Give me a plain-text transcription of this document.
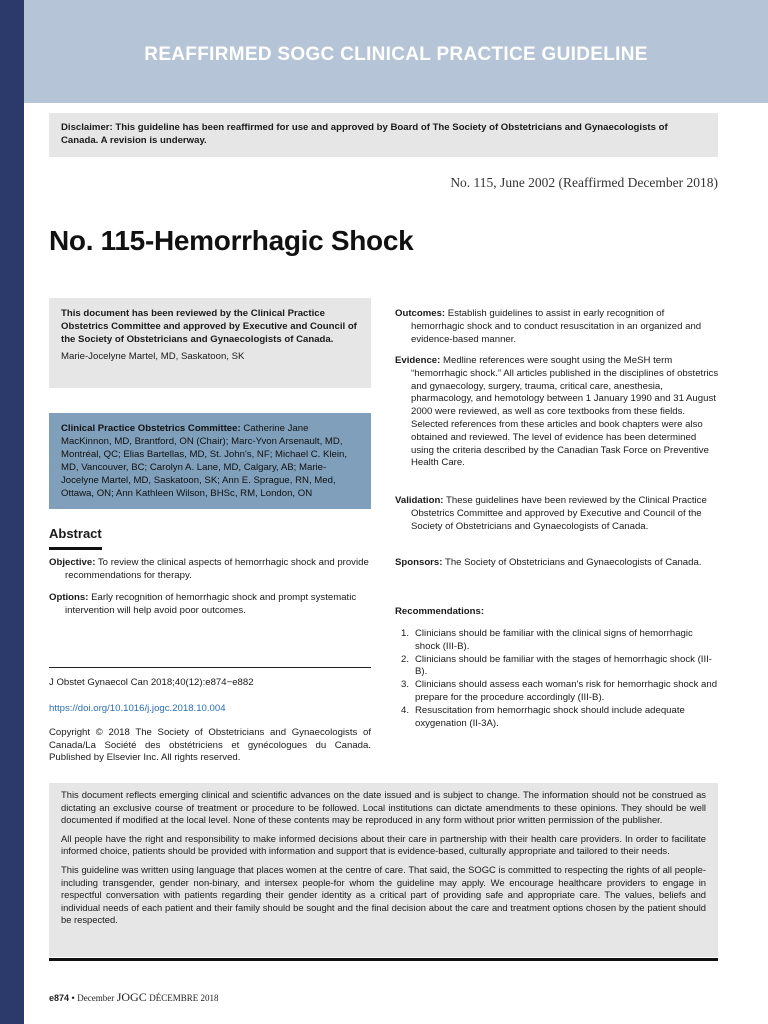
REAFFIRMED SOGC CLINICAL PRACTICE GUIDELINE
Disclaimer: This guideline has been reaffirmed for use and approved by Board of The Society of Obstetricians and Gynaecologists of Canada. A revision is underway.
No. 115, June 2002 (Reaffirmed December 2018)
No. 115-Hemorrhagic Shock
This document has been reviewed by the Clinical Practice Obstetrics Committee and approved by Executive and Council of the Society of Obstetricians and Gynaecologists of Canada.
Marie-Jocelyne Martel, MD, Saskatoon, SK
Clinical Practice Obstetrics Committee: Catherine Jane MacKinnon, MD, Brantford, ON (Chair); Marc-Yvon Arsenault, MD, Montréal, QC; Elias Bartellas, MD, St. John's, NF; Michael C. Klein, MD, Vancouver, BC; Carolyn A. Lane, MD, Calgary, AB; Marie-Jocelyne Martel, MD, Saskatoon, SK; Ann E. Sprague, RN, Med, Ottawa, ON; Ann Kathleen Wilson, BHSc, RM, London, ON
Abstract
Objective: To review the clinical aspects of hemorrhagic shock and provide recommendations for therapy.
Options: Early recognition of hemorrhagic shock and prompt systematic intervention will help avoid poor outcomes.
J Obstet Gynaecol Can 2018;40(12):e874−e882
https://doi.org/10.1016/j.jogc.2018.10.004
Copyright © 2018 The Society of Obstetricians and Gynaecologists of Canada/La Société des obstétriciens et gynécologues du Canada. Published by Elsevier Inc. All rights reserved.
Outcomes: Establish guidelines to assist in early recognition of hemorrhagic shock and to conduct resuscitation in an organized and evidence-based manner.
Evidence: Medline references were sought using the MeSH term “hemorrhagic shock.” All articles published in the disciplines of obstetrics and gynaecology, surgery, trauma, critical care, anesthesia, pharmacology, and hemotology between 1 January 1990 and 31 August 2000 were reviewed, as well as core textbooks from these fields. Selected references from these articles and book chapters were also obtained and reviewed. The level of evidence has been determined using the criteria described by the Canadian Task Force on Preventive Health Care.
Validation: These guidelines have been reviewed by the Clinical Practice Obstetrics Committee and approved by Executive and Council of the Society of Obstetricians and Gynaecologists of Canada.
Sponsors: The Society of Obstetricians and Gynaecologists of Canada.
Recommendations:
1. Clinicians should be familiar with the clinical signs of hemorrhagic shock (III-B).
2. Clinicians should be familiar with the stages of hemorrhagic shock (III-B).
3. Clinicians should assess each woman's risk for hemorrhagic shock and prepare for the procedure accordingly (III-B).
4. Resuscitation from hemorrhagic shock should include adequate oxygenation (II-3A).

This document reflects emerging clinical and scientific advances on the date issued and is subject to change. The information should not be construed as dictating an exclusive course of treatment or procedure to be followed. Local institutions can dictate amendments to these opinions. They should be well documented if modified at the local level. None of these contents may be reproduced in any form without prior written permission of the publisher.

All people have the right and responsibility to make informed decisions about their care in partnership with their health care providers. In order to facilitate informed choice, patients should be provided with information and support that is evidence-based, culturally appropriate and tailored to their needs.

This guideline was written using language that places women at the centre of care. That said, the SOGC is committed to respecting the rights of all people-including transgender, gender non-binary, and intersex people-for whom the guideline may apply. We encourage healthcare providers to engage in respectful conversation with patients regarding their gender identity as a critical part of providing safe and appropriate care. The values, beliefs and individual needs of each patient and their family should be sought and the final decision about the care and treatment options chosen by the patient should be respected.

e874 • December JOGC DÉCEMBRE 2018
